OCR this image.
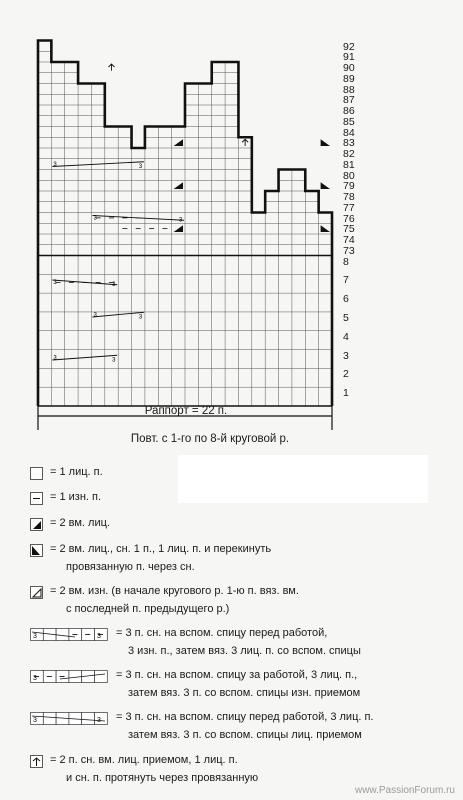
3	3
3	3
3	3
3	3
3	3
92
91
90
89
88
87
86
85
84
83
82
81
80
79
78
77
76
75
74
73
8
7
6
5
4
3
2
1
Раппорт = 22 п.
Повт. с 1-го по 8-й круговой р.
= 1 лиц. п.
= 1 изн. п.
= 2 вм. лиц.
= 2 вм. лиц., сн. 1 п., 1 лиц. п. и перекинуть
провязанную п. через сн.
= 2 вм. изн. (в начале кругового р. 1-ю п. вяз. вм.
с последней п. предыдущего р.)
3	3 = 3 п. сн. на вспом. спицу перед работой,
3 изн. п., затем вяз. 3 лиц. п. со вспом. спицы
3	= 3 п. сн. на вспом. спицу за работой, 3 лиц. п.,
затем вяз. 3 п. со вспом. спицы изн. приемом
3	3 = 3 п. сн. на вспом. спицу перед работой, 3 лиц. п.
затем вяз. 3 п. со вспом. спицы лиц. приемом
= 2 п. сн. вм. лиц. приемом, 1 лиц. п.
и сн. п. протянуть через провязанную
www.PassionForum.ru
